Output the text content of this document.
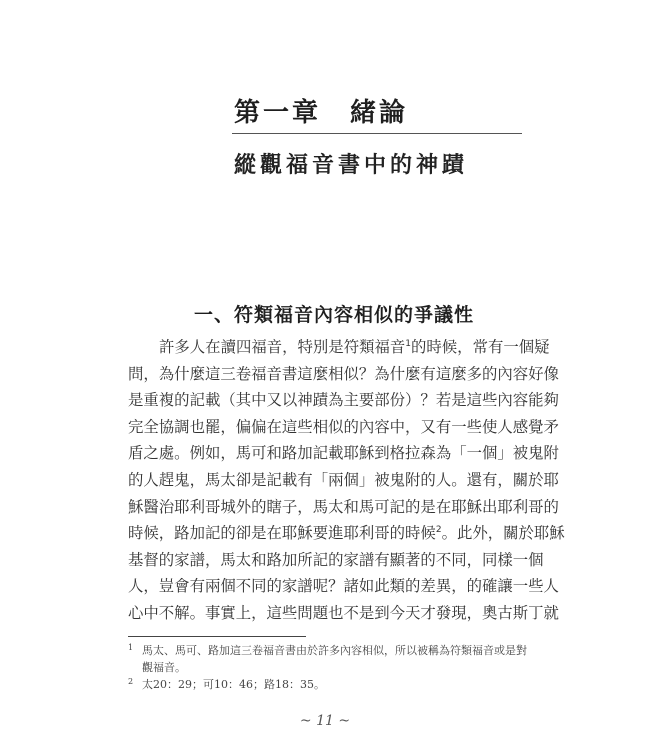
第一章　緒論
縱觀福音書中的神蹟
一、符類福音內容相似的爭議性
許多人在讀四福音，特別是符類福音$^1$的時候，常有一個疑
問，為什麼這三卷福音書這麼相似？為什麼有這麼多的內容好像
是重複的記載（其中又以神蹟為主要部份）？若是這些內容能夠
完全協調也罷，偏偏在這些相似的內容中，又有一些使人感覺矛
盾之處。例如，馬可和路加記載耶穌到格拉森為「一個」被鬼附
的人趕鬼，馬太卻是記載有「兩個」被鬼附的人。還有，關於耶
穌醫治耶利哥城外的瞎子，馬太和馬可記的是在耶穌出耶利哥的
時候，路加記的卻是在耶穌要進耶利哥的時候$^2$。此外，關於耶穌
基督的家譜，馬太和路加所記的家譜有顯著的不同，同樣一個
人，豈會有兩個不同的家譜呢？諸如此類的差異，的確讓一些人
心中不解。事實上，這些問題也不是到今天才發現，奧古斯丁就
1 馬太、馬可、路加這三卷福音書由於許多內容相似，所以被稱為符類福音或是對觀福音。
2 太20：29；可10：46；路18：35。
~ 11 ~
